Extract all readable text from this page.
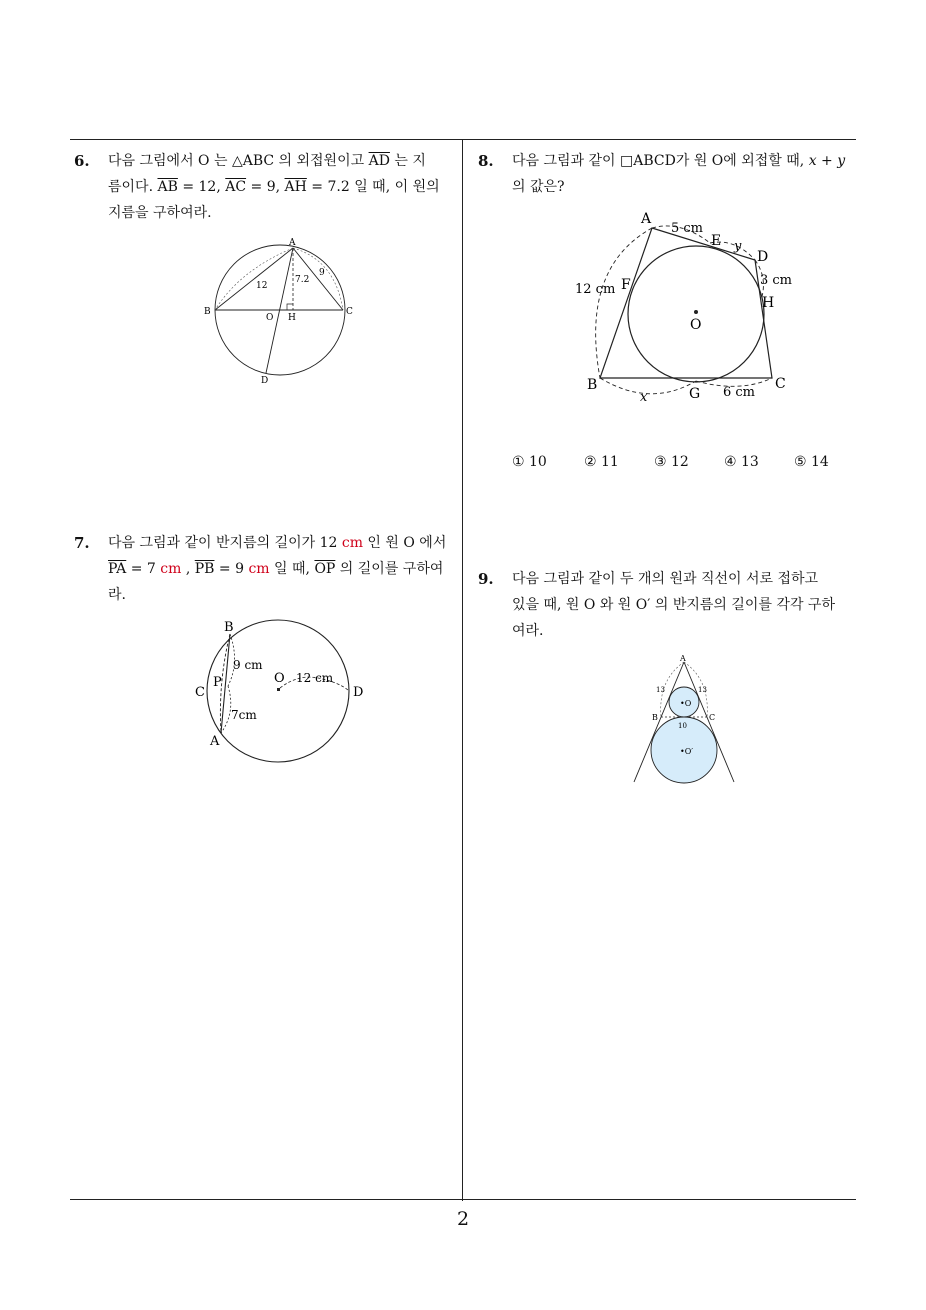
6. 다음 그림에서 O 는 △ABC 의 외접원이고 $\overline{AD}$ 는 지
름이다. $\overline{AB} = 12$, $\overline{AC} = 9$, $\overline{AH} = 7.2$ 일 때, 이 원의
지름을 구하여라.
A
B	C
D
O H
12
7.2
9
7. 다음 그림과 같이 반지름의 길이가 12 cm 인 원 O 에서
$\overline{PA} = 7$ cm , $\overline{PB} = 9$ cm 일 때, $\overline{OP}$ 의 길이를 구하여
라.
B
A
C	D
P	O
9 cm
7cm
12 cm
8. 다음 그림과 같이 □ABCD가 원 O에 외접할 때, x + y
의 값은?
A
D
B	C
E
F
G
H
O
5 cm
12 cm
3 cm
6 cm
x
y
① 10	② 11	③ 12	④ 13	⑤ 14
9. 다음 그림과 같이 두 개의 원과 직선이 서로 접하고
있을 때, 원 O 와 원 O′ 의 반지름의 길이를 각각 구하
여라.
A
B	C
13	13
10
•O
•O′
2
